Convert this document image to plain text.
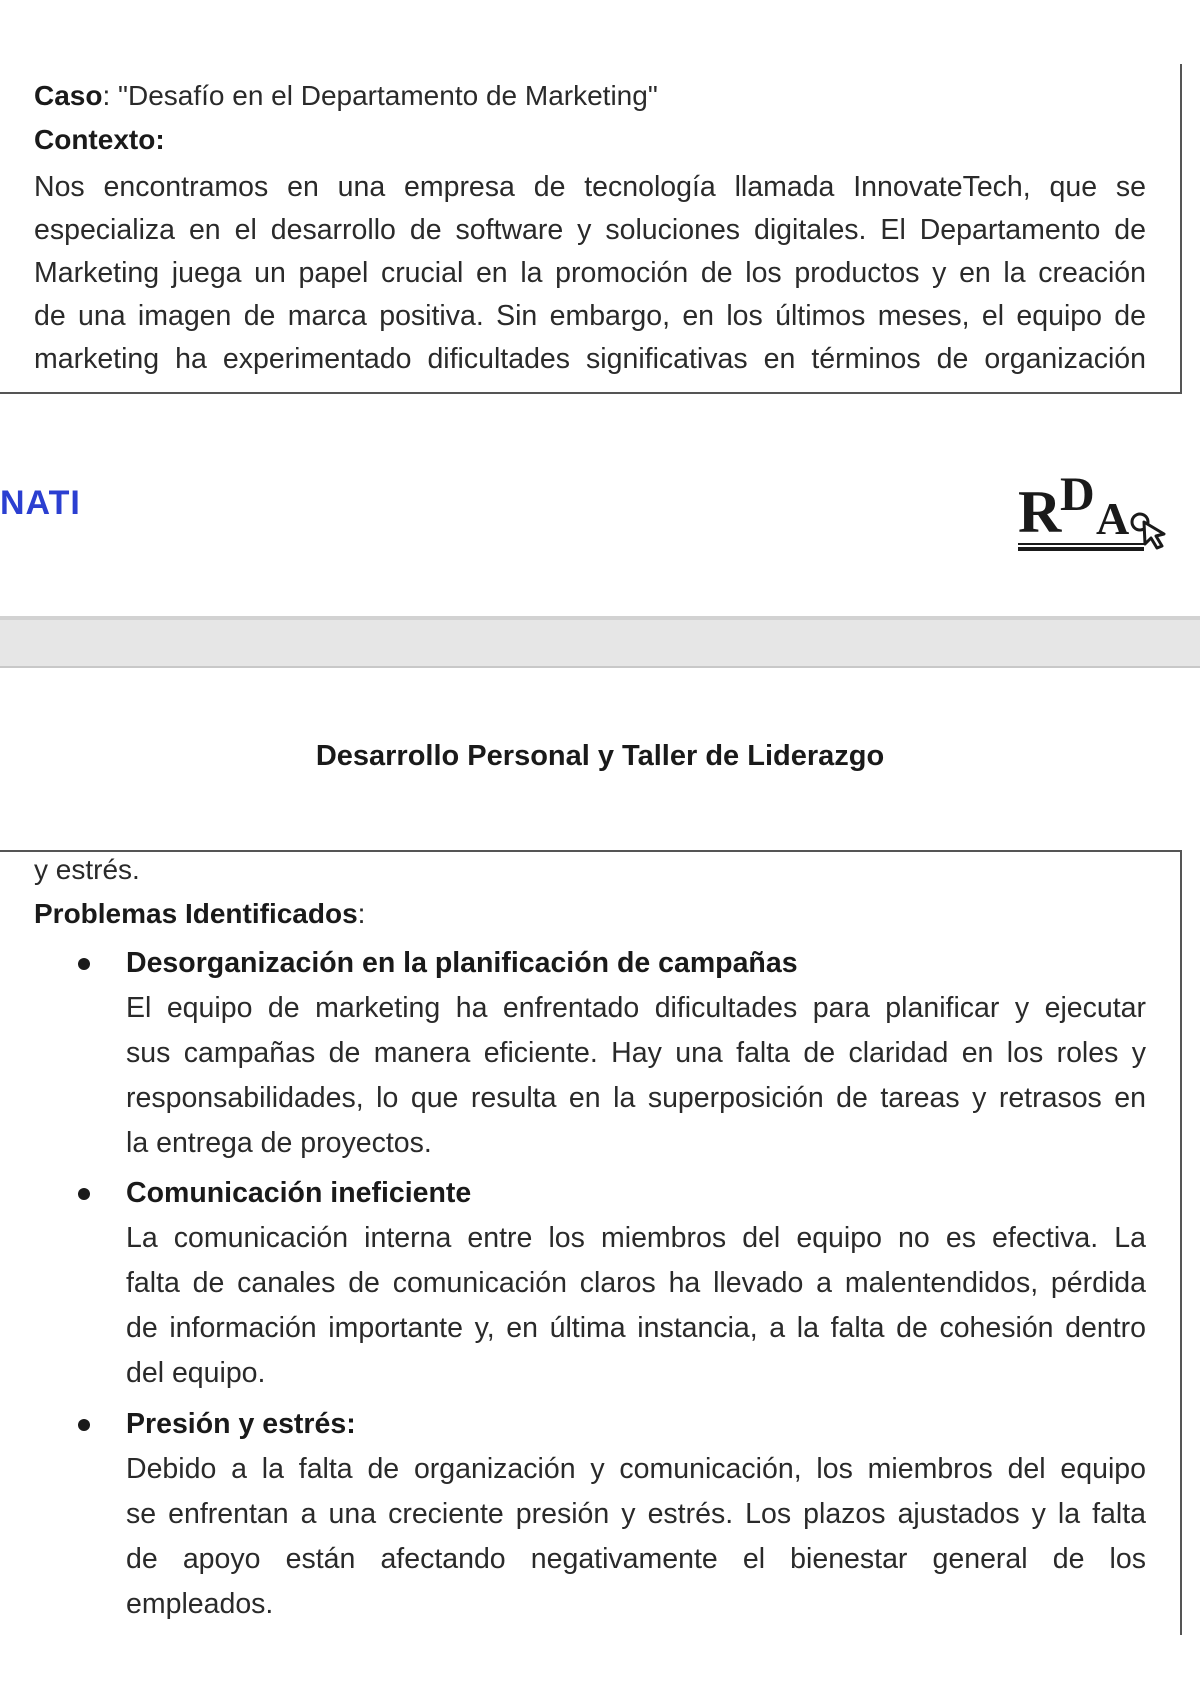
Caso: "Desafío en el Departamento de Marketing"
Contexto:
Nos encontramos en una empresa de tecnología llamada InnovateTech, que se
especializa en el desarrollo de software y soluciones digitales. El Departamento de
Marketing juega un papel crucial en la promoción de los productos y en la creación
de una imagen de marca positiva. Sin embargo, en los últimos meses, el equipo de
marketing ha experimentado dificultades significativas en términos de organización
NATI	R
D A
Desarrollo Personal y Taller de Liderazgo
y estrés.
Problemas Identificados:
Desorganización en la planificación de campañas
El equipo de marketing ha enfrentado dificultades para planificar y ejecutar
sus campañas de manera eficiente. Hay una falta de claridad en los roles y
responsabilidades, lo que resulta en la superposición de tareas y retrasos en
la entrega de proyectos.
Comunicación ineficiente
La comunicación interna entre los miembros del equipo no es efectiva. La
falta de canales de comunicación claros ha llevado a malentendidos, pérdida
de información importante y, en última instancia, a la falta de cohesión dentro
del equipo.
Presión y estrés:
Debido a la falta de organización y comunicación, los miembros del equipo
se enfrentan a una creciente presión y estrés. Los plazos ajustados y la falta
de apoyo están afectando negativamente el bienestar general de los
empleados.
